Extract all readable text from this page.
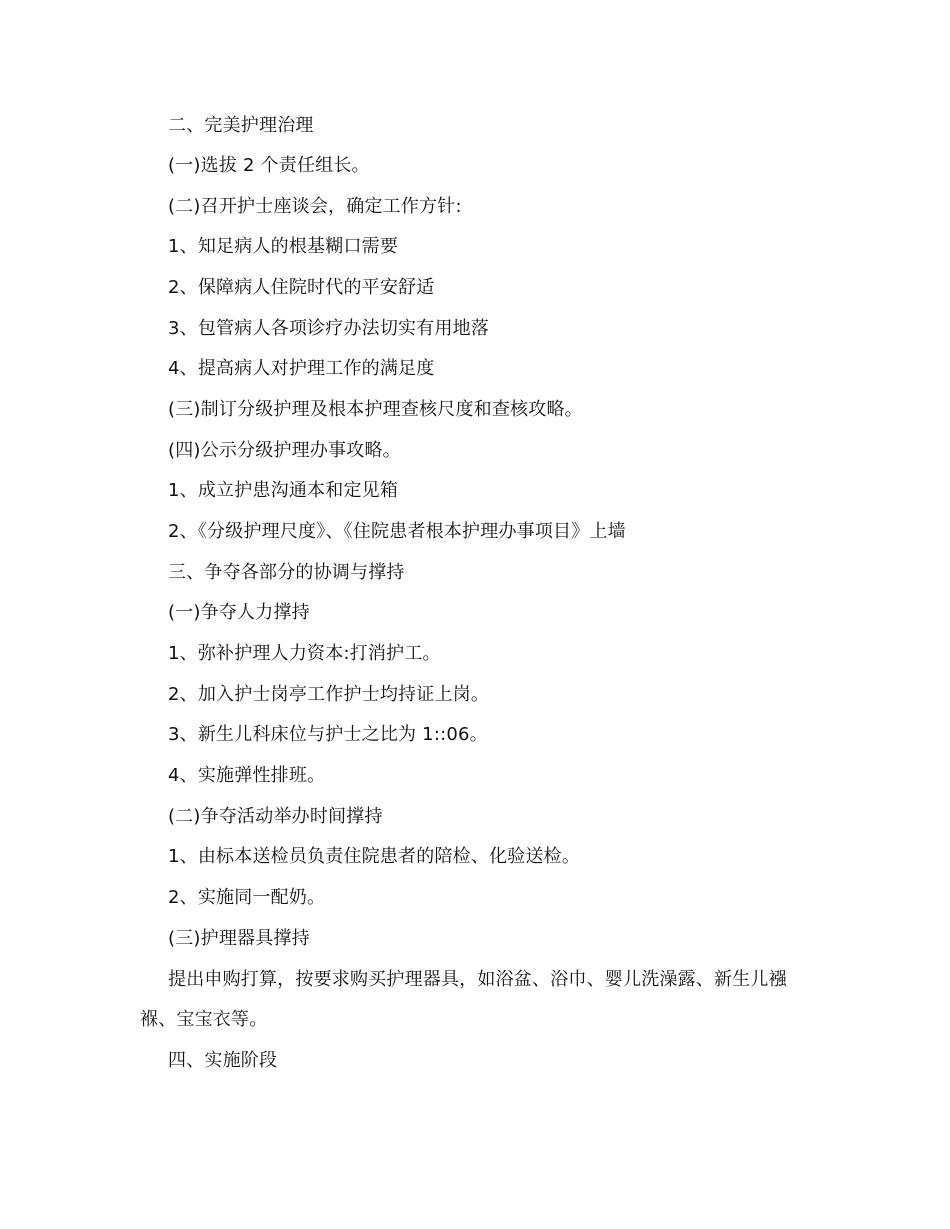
二、完美护理治理
(一)选拔 2 个责任组长。
(二)召开护士座谈会，确定工作方针:
1、知足病人的根基糊口需要
2、保障病人住院时代的平安舒适
3、包管病人各项诊疗办法切实有用地落
4、提高病人对护理工作的满足度
(三)制订分级护理及根本护理查核尺度和查核攻略。
(四)公示分级护理办事攻略。
1、成立护患沟通本和定见箱
2、《分级护理尺度》、《住院患者根本护理办事项目》上墙
三、争夺各部分的协调与撑持
(一)争夺人力撑持
1、弥补护理人力资本:打消护工。
2、加入护士岗亭工作护士均持证上岗。
3、新生儿科床位与护士之比为 1::06。
4、实施弹性排班。
(二)争夺活动举办时间撑持
1、由标本送检员负责住院患者的陪检、化验送检。
2、实施同一配奶。
(三)护理器具撑持
提出申购打算，按要求购买护理器具，如浴盆、浴巾、婴儿洗澡露、新生儿襁
褓、宝宝衣等。
四、实施阶段
